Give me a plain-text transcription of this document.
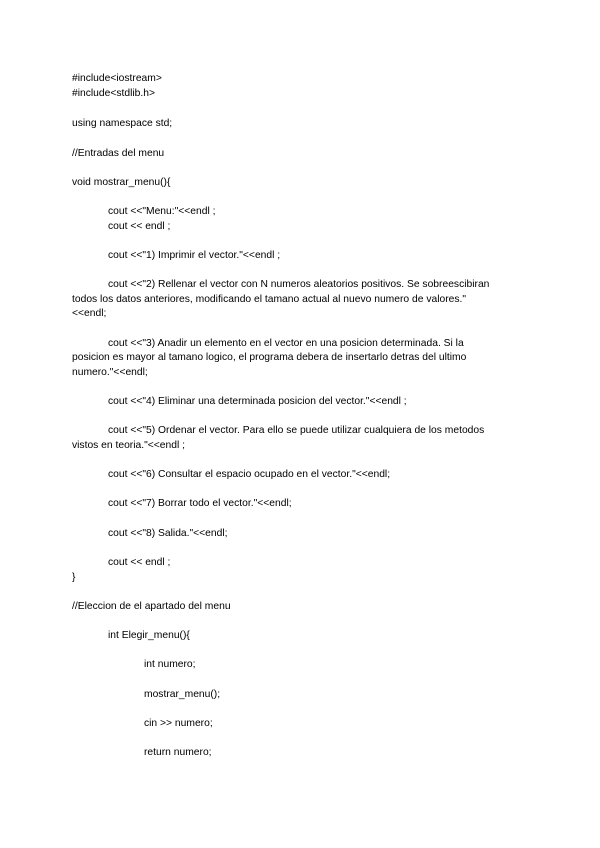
#include<iostream>

#include<stdlib.h>

using namespace std;

//Entradas del menu

void mostrar_menu(){

cout <<"Menu:"<<endl ;

cout << endl ;

cout <<"1) Imprimir el vector."<<endl ;

cout <<"2) Rellenar el vector con N numeros aleatorios positivos. Se sobreescibiran

todos los datos anteriores, modificando el tamano actual al nuevo numero de valores."

<<endl;

cout <<"3) Anadir un elemento en el vector en una posicion determinada. Si la

posicion es mayor al tamano logico, el programa debera de insertarlo detras del ultimo

numero."<<endl;

cout <<"4) Eliminar una determinada posicion del vector."<<endl ;

cout <<"5) Ordenar el vector. Para ello se puede utilizar cualquiera de los metodos

vistos en teoria."<<endl ;

cout <<"6) Consultar el espacio ocupado en el vector."<<endl;

cout <<"7) Borrar todo el vector."<<endl;

cout <<"8) Salida."<<endl;

cout << endl ;

}

//Eleccion de el apartado del menu

int Elegir_menu(){

int numero;

mostrar_menu();

cin >> numero;

return numero;
